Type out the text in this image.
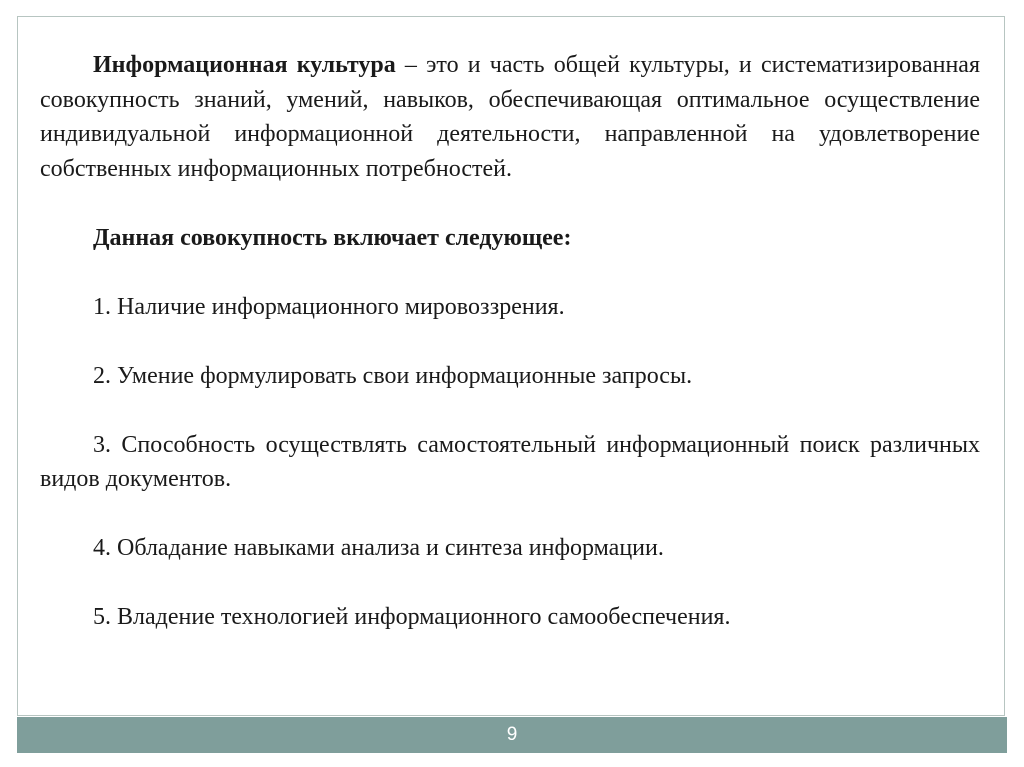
Информационная культура – это и часть общей культуры, и систематизированная совокупность знаний, умений, навыков, обеспечивающая оптимальное осуществление индивидуальной информационной деятельности, направленной на удовлетворение собственных информационных потребностей.

Данная совокупность включает следующее:

1. Наличие информационного мировоззрения.

2. Умение формулировать свои информационные запросы.

3. Способность осуществлять самостоятельный информационный поиск различных видов документов.

4. Обладание навыками анализа и синтеза информации.

5. Владение технологией информационного самообеспечения.

9
